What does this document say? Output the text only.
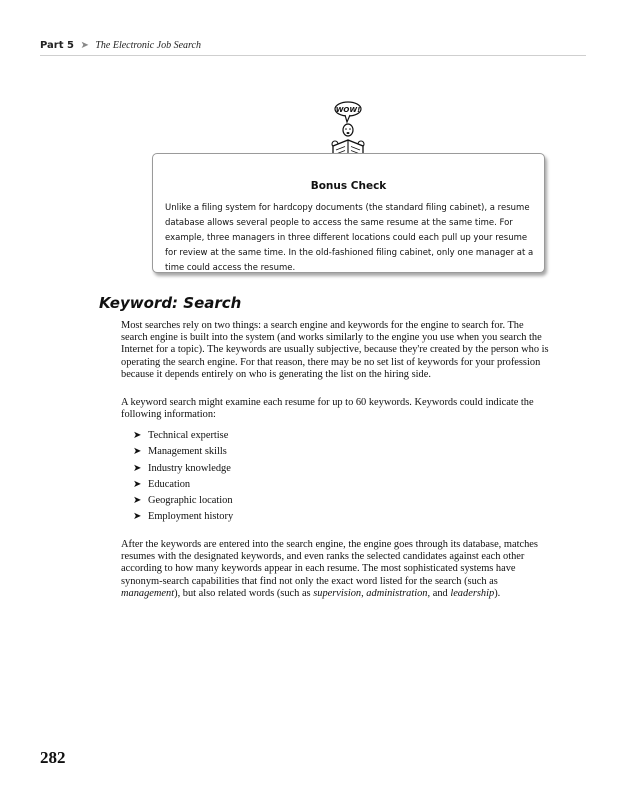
Part 5 ➤ The Electronic Job Search
WOW!
Bonus Check

Unlike a filing system for hardcopy documents (the standard filing cabinet), a resume database allows several people to access the same resume at the same time. For example, three managers in three different locations could each pull up your resume for review at the same time. In the old-fashioned filing cabinet, only one manager at a time could access the resume.

Keyword: Search

Most searches rely on two things: a search engine and keywords for the engine to search for. The search engine is built into the system (and works similarly to the engine you use when you search the Internet for a topic). The keywords are usually subjective, because they're created by the person who is operating the search engine. For that reason, there may be no set list of keywords for your profession because it depends entirely on who is generating the list on the hiring side.

A keyword search might examine each resume for up to 60 keywords. Keywords could indicate the following information:

➤ Technical expertise
➤ Management skills
➤ Industry knowledge
➤ Education
➤ Geographic location
➤ Employment history

After the keywords are entered into the search engine, the engine goes through its database, matches resumes with the designated keywords, and even ranks the selected candidates against each other according to how many keywords appear in each resume. The most sophisticated systems have synonym-search capabilities that find not only the exact word listed for the search (such as management), but also related words (such as supervision, administration, and leadership).

282
